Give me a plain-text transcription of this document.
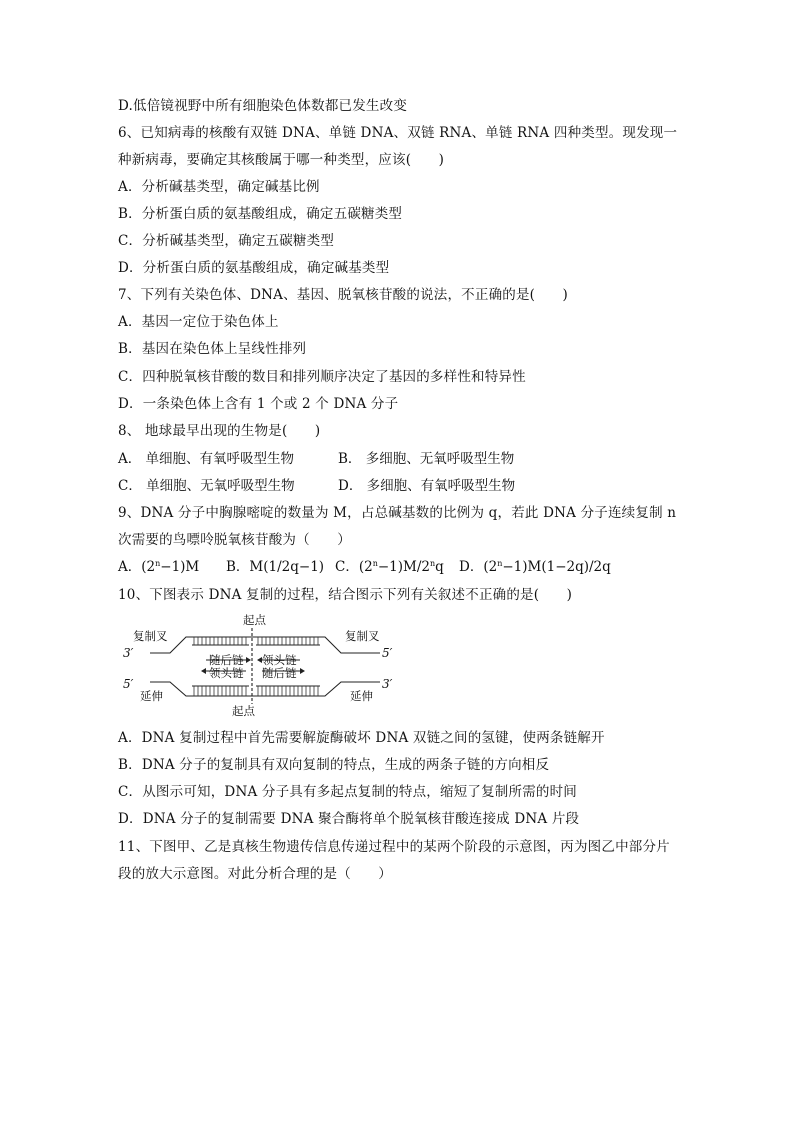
D.低倍镜视野中所有细胞染色体数都已发生改变
6、已知病毒的核酸有双链 DNA、单链 DNA、双链 RNA、单链 RNA 四种类型。现发现一
种新病毒，要确定其核酸属于哪一种类型，应该(　　)
A．分析碱基类型，确定碱基比例
B．分析蛋白质的氨基酸组成，确定五碳糖类型
C．分析碱基类型，确定五碳糖类型
D．分析蛋白质的氨基酸组成，确定碱基类型
7、下列有关染色体、DNA、基因、脱氧核苷酸的说法，不正确的是(　　)
A．基因一定位于染色体上
B．基因在染色体上呈线性排列
C．四种脱氧核苷酸的数目和排列顺序决定了基因的多样性和特异性
D．一条染色体上含有 1 个或 2 个 DNA 分子
8、 地球最早出现的生物是(　　)
A． 单细胞、有氧呼吸型生物	B． 多细胞、无氧呼吸型生物
C． 单细胞、无氧呼吸型生物	D． 多细胞、有氧呼吸型生物
9、DNA 分子中胸腺嘧啶的数量为 M，占总碱基数的比例为 q，若此 DNA 分子连续复制 n
次需要的鸟嘌呤脱氧核苷酸为（　　）
A．$(2^n-1)M$ B．M(1/2q−1) C．$(2^n-1)M/2^nq$ D．$(2^n-1)M(1-2q)/2q$
10、下图表示 DNA 复制的过程，结合图示下列有关叙述不正确的是(　　)
起点
复制叉	复制叉
3′	5′
随后链 领头链
领头链 随后链
5′	3′
延伸	延伸
起点
A．DNA 复制过程中首先需要解旋酶破坏 DNA 双链之间的氢键，使两条链解开
B．DNA 分子的复制具有双向复制的特点，生成的两条子链的方向相反
C．从图示可知，DNA 分子具有多起点复制的特点，缩短了复制所需的时间
D．DNA 分子的复制需要 DNA 聚合酶将单个脱氧核苷酸连接成 DNA 片段
11、下图甲、乙是真核生物遗传信息传递过程中的某两个阶段的示意图，丙为图乙中部分片
段的放大示意图。对此分析合理的是（　　）
